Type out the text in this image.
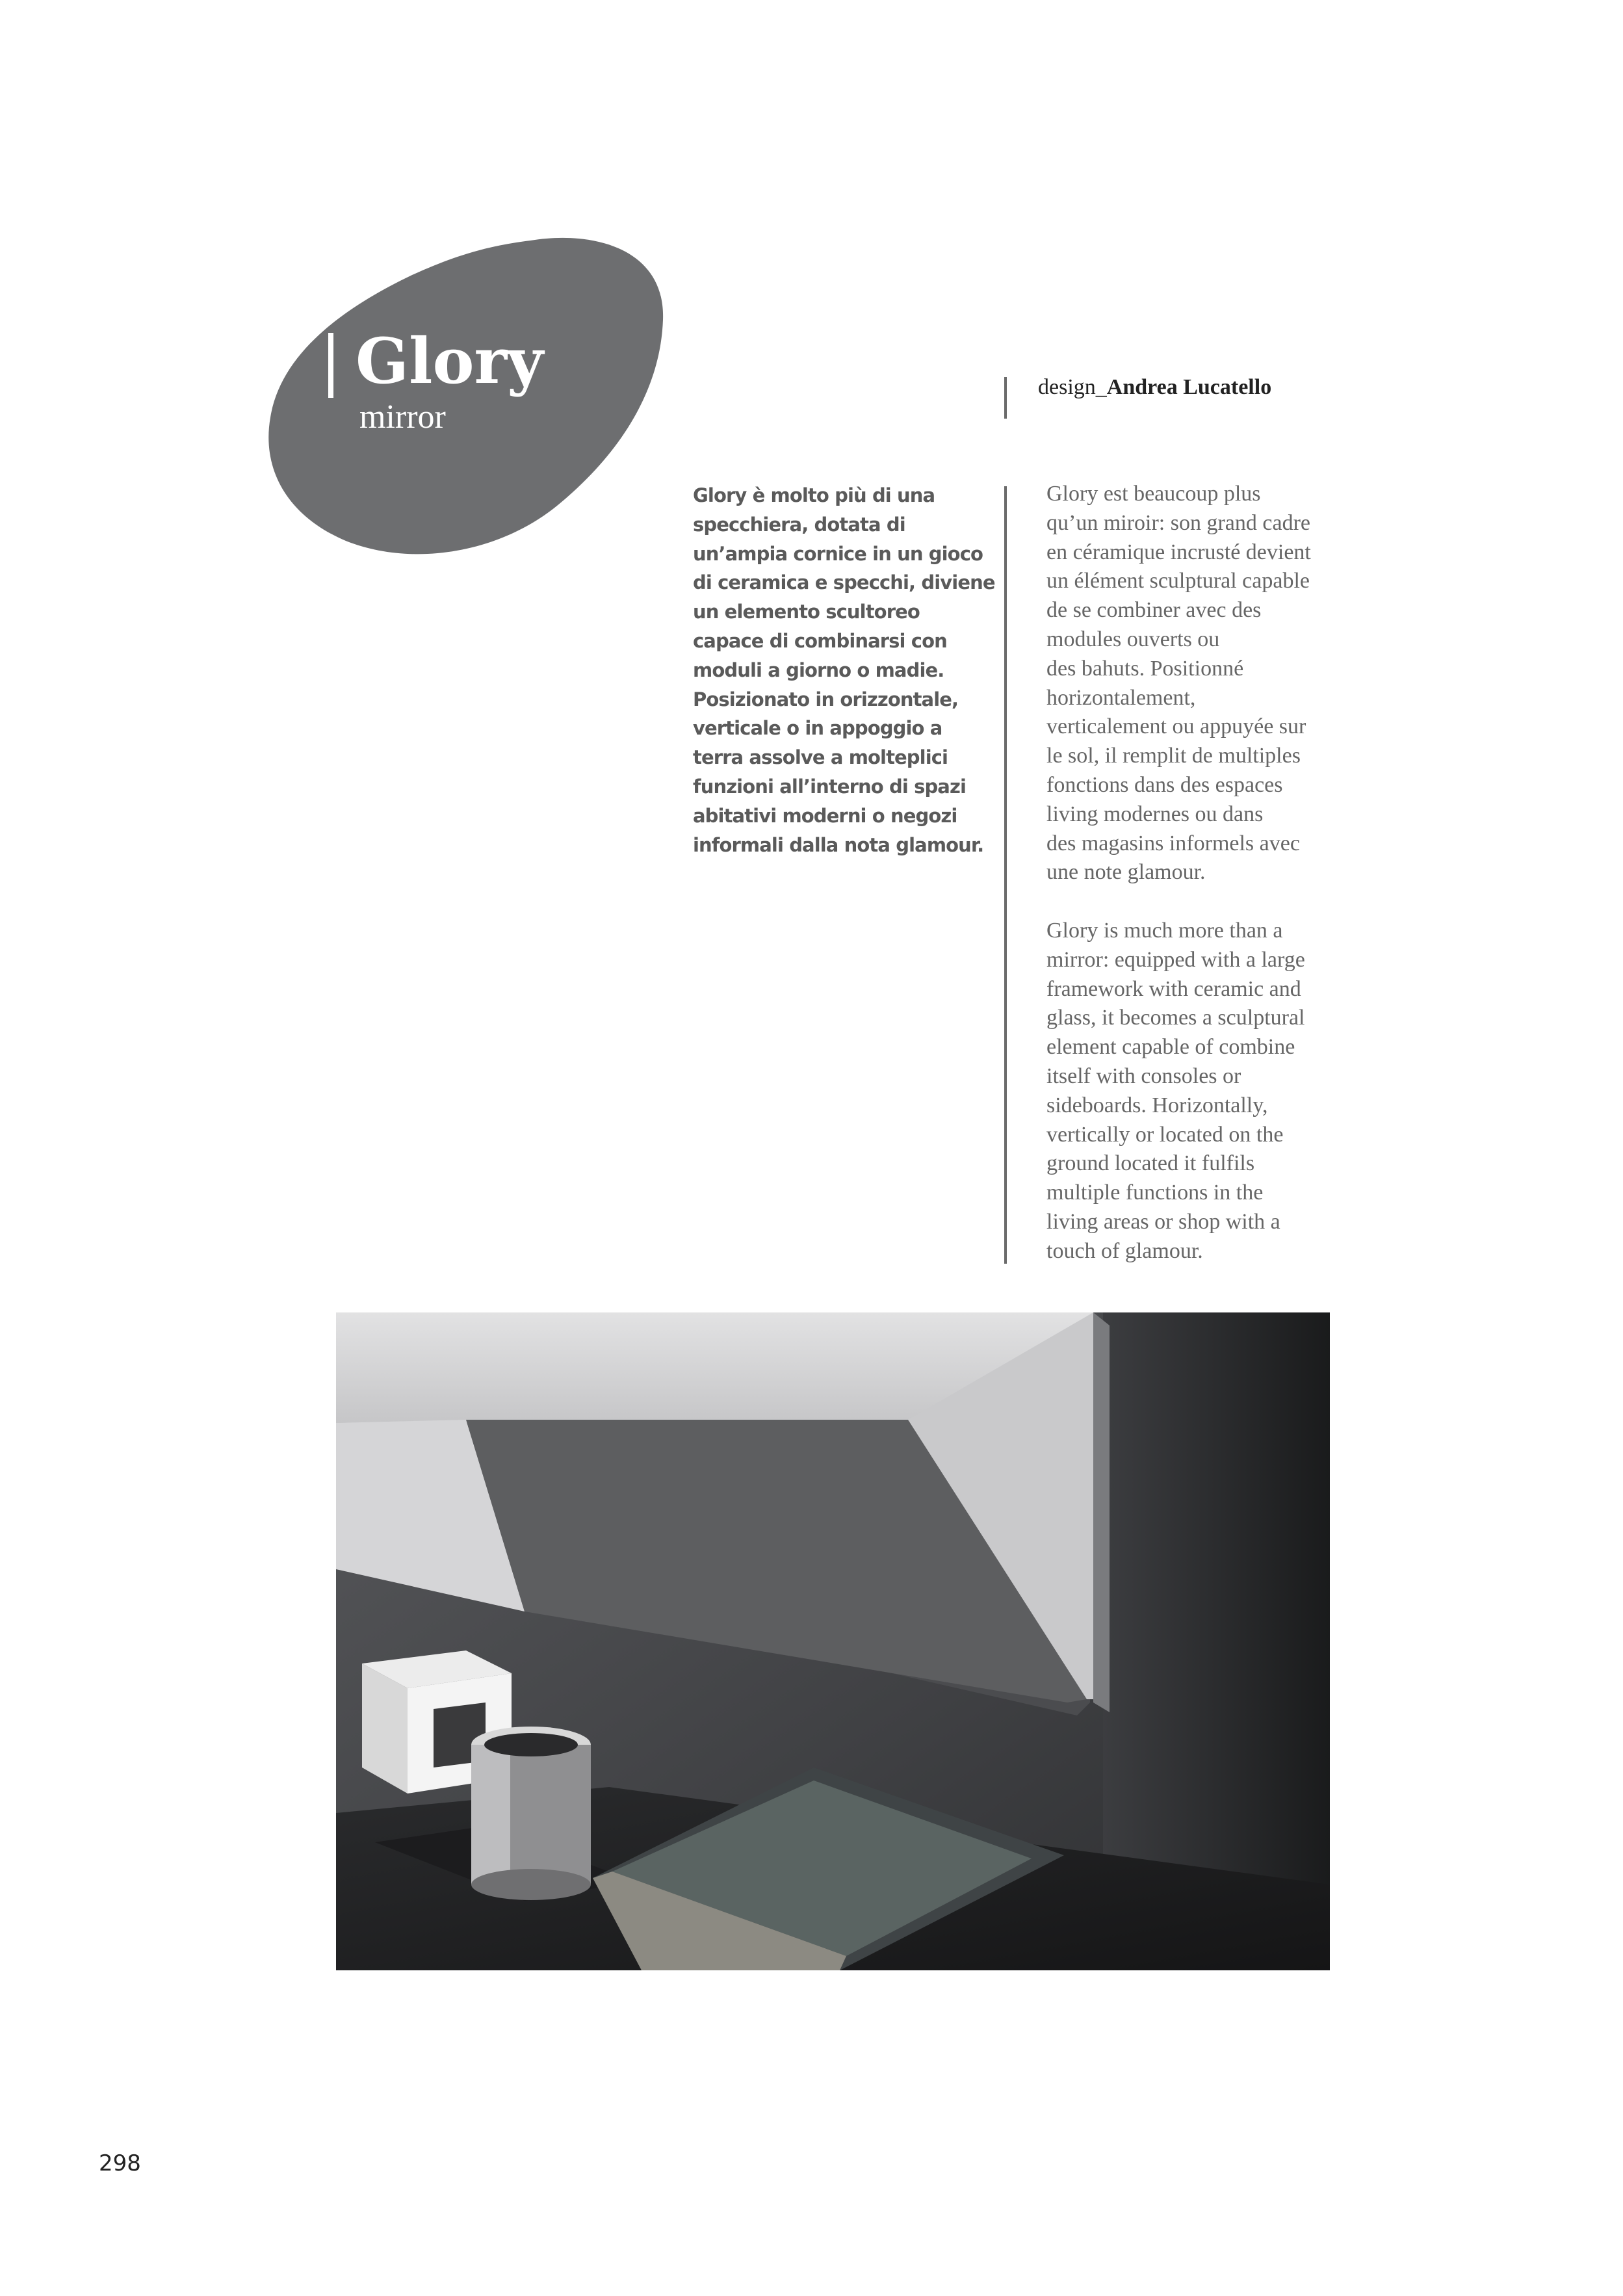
Glory
mirror
design_Andrea Lucatello
Glory è molto più di una
specchiera, dotata di
un’ampia cornice in un gioco
di ceramica e specchi, diviene
un elemento scultoreo
capace di combinarsi con
moduli a giorno o madie.
Posizionato in orizzontale,
verticale o in appoggio a
terra assolve a molteplici
funzioni all’interno di spazi
abitativi moderni o negozi
informali dalla nota glamour.
Glory est beaucoup plus
qu’un miroir: son grand cadre
en céramique incrusté devient
un élément sculptural capable
de se combiner avec des
modules ouverts ou
des bahuts. Positionné
horizontalement,
verticalement ou appuyée sur
le sol, il remplit de multiples
fonctions dans des espaces
living modernes ou dans
des magasins informels avec
une note glamour.
Glory is much more than a
mirror: equipped with a large
framework with ceramic and
glass, it becomes a sculptural
element capable of combine
itself with consoles or
sideboards. Horizontally,
vertically or located on the
ground located it fulfils
multiple functions in the
living areas or shop with a
touch of glamour.
298
